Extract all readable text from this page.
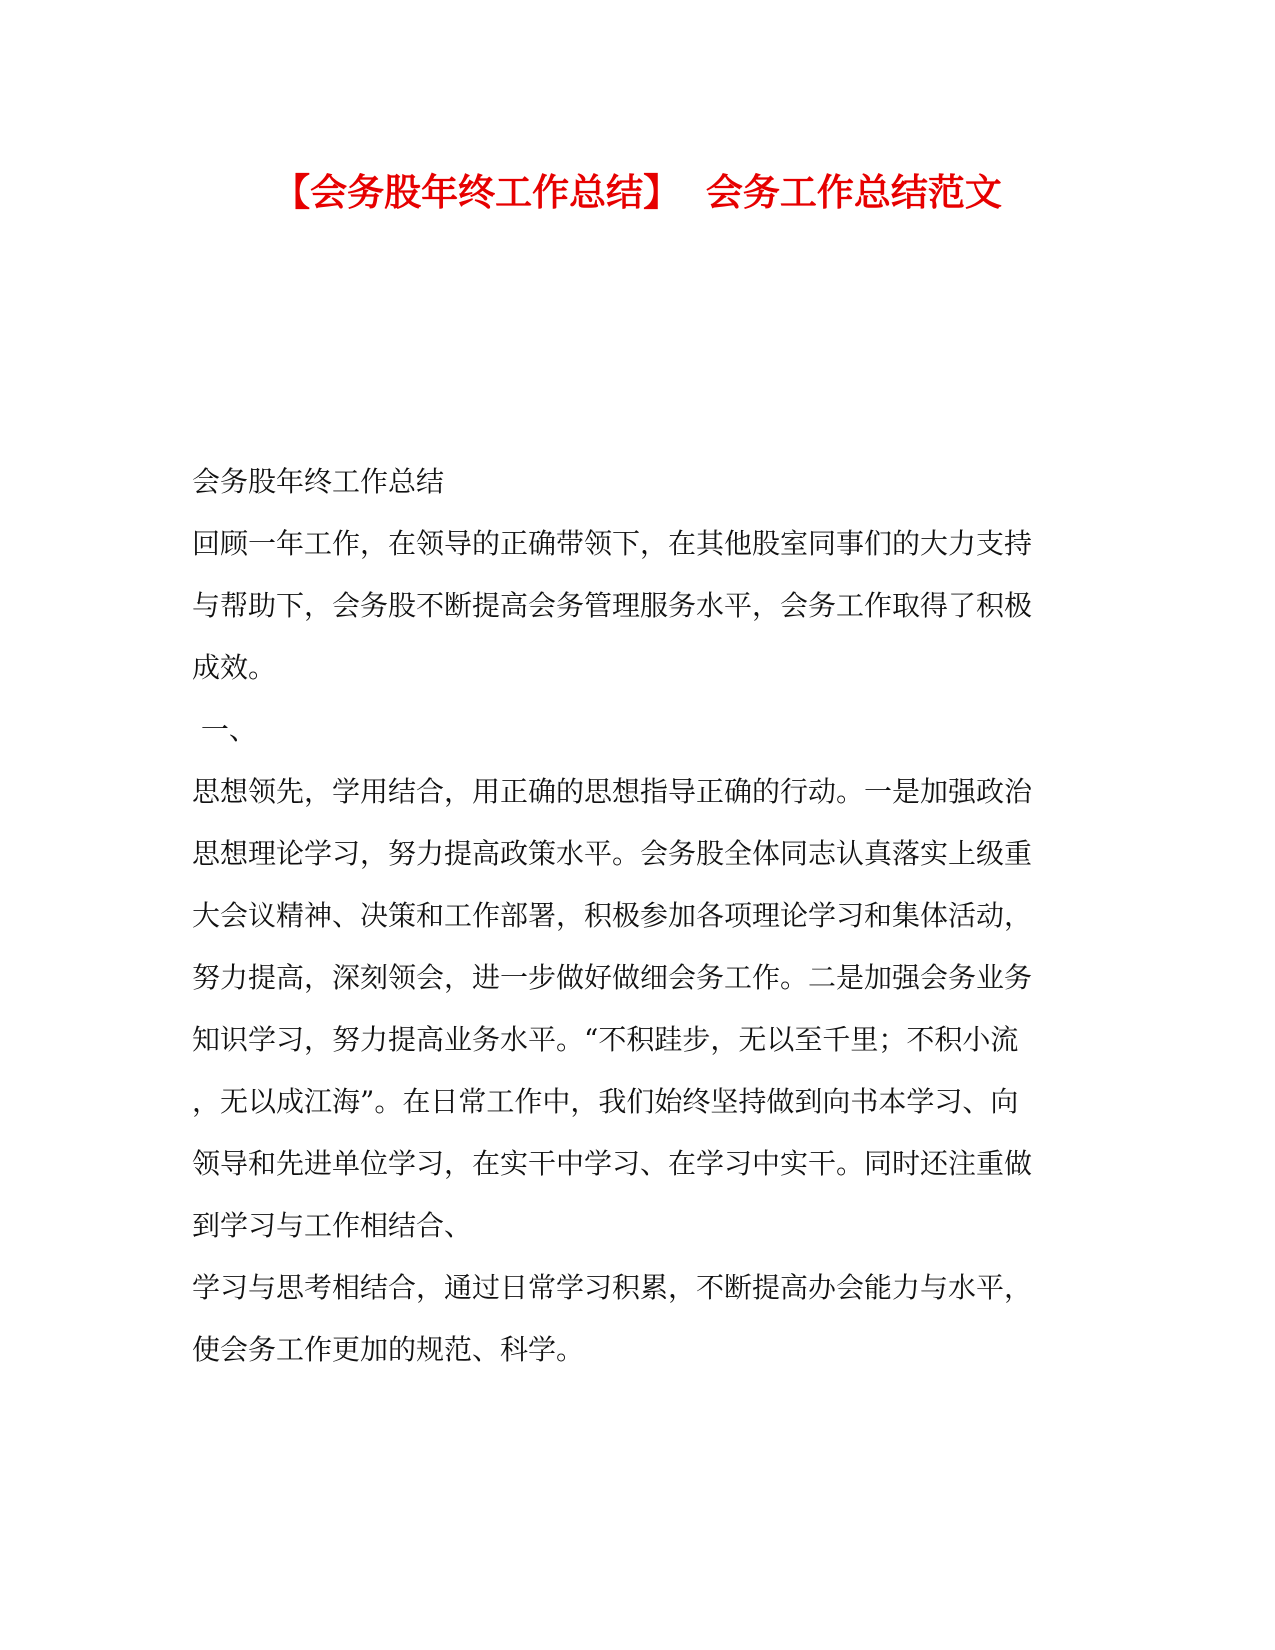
【会务股年终工作总结】  会务工作总结范文
会务股年终工作总结
回顾一年工作，在领导的正确带领下，在其他股室同事们的大力支持
与帮助下，会务股不断提高会务管理服务水平，会务工作取得了积极
成效。
一、
思想领先，学用结合，用正确的思想指导正确的行动。一是加强政治
思想理论学习，努力提高政策水平。会务股全体同志认真落实上级重
大会议精神、决策和工作部署，积极参加各项理论学习和集体活动，
努力提高，深刻领会，进一步做好做细会务工作。二是加强会务业务
知识学习，努力提高业务水平。“不积跬步，无以至千里；不积小流
，无以成江海”。在日常工作中，我们始终坚持做到向书本学习、向
领导和先进单位学习，在实干中学习、在学习中实干。同时还注重做
到学习与工作相结合、
学习与思考相结合，通过日常学习积累，不断提高办会能力与水平，
使会务工作更加的规范、科学。
